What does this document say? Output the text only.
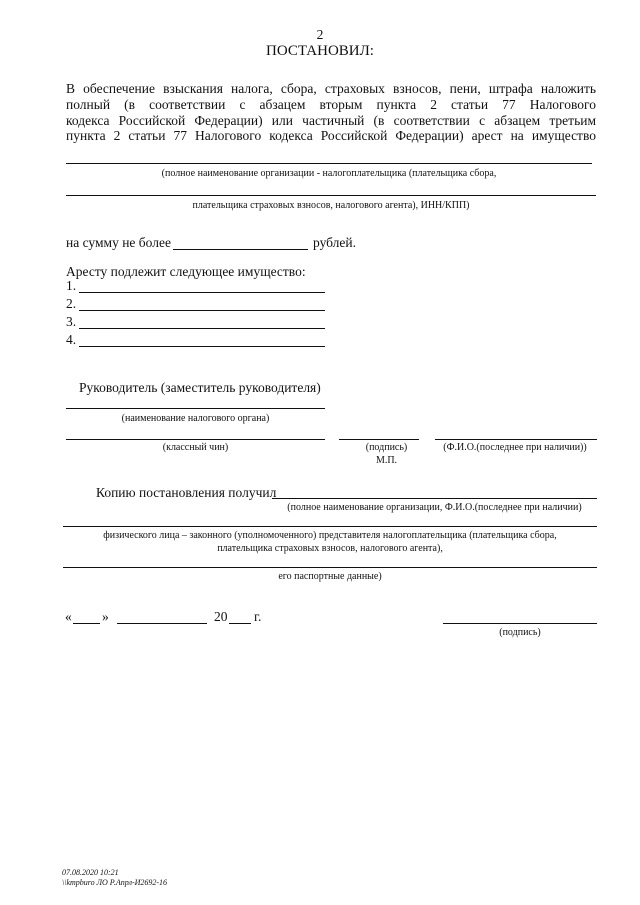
2
ПОСТАНОВИЛ:
В обеспечение взыскания налога, сбора, страховых взносов, пени, штрафа наложить
полный (в соответствии с абзацем вторым пункта 2 статьи 77 Налогового
кодекса Российской Федерации) или частичный (в соответствии с абзацем третьим
пункта 2 статьи 77 Налогового кодекса Российской Федерации) арест на имущество
(полное наименование организации - налогоплательщика (плательщика сбора,
плательщика страховых взносов, налогового агента), ИНН/КПП)
на сумму не более	рублей.
Аресту подлежит следующее имущество:
1.
2.
3.
4.
Руководитель (заместитель руководителя)
(наименование налогового органа)
(классный чин)	(подпись)
М.П.
(Ф.И.О.(последнее при наличии))
Копию постановления получил
(полное наименование организации, Ф.И.О.(последнее при наличии)
физического лица – законного (уполномоченного) представителя налогоплательщика (плательщика сбора,
плательщика страховых взносов, налогового агента),
его паспортные данные)
« »	20 г.
(подпись)
07.08.2020 10:21
\\kmpburo ЛО Р.Апрл-И2692-16
